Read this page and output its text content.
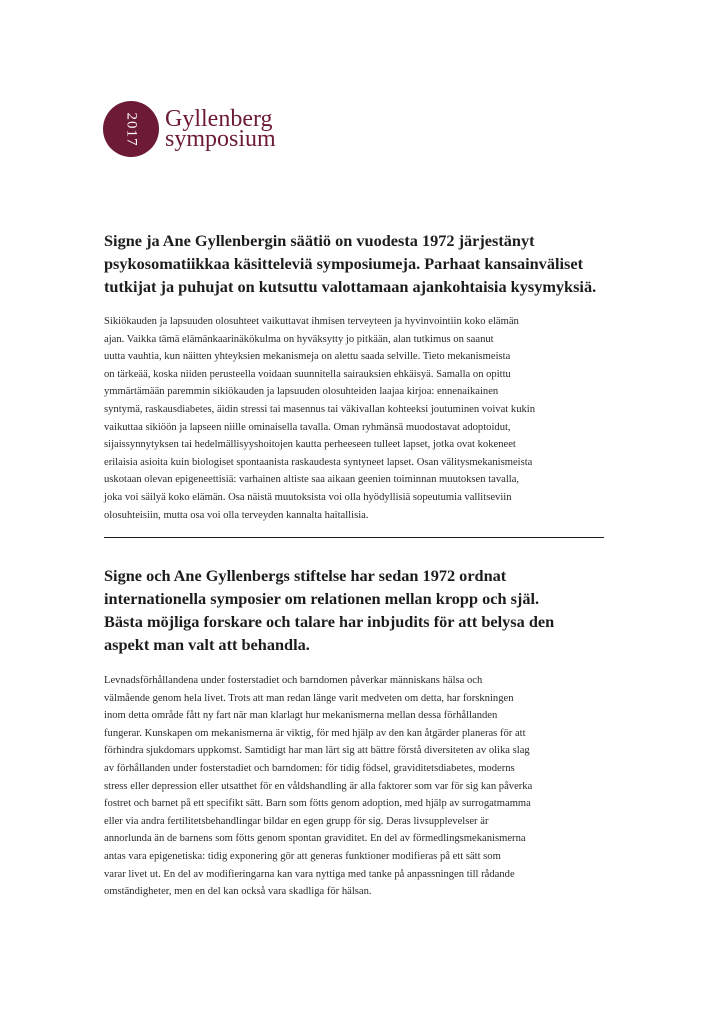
2017 Gyllenberg
symposium
Signe ja Ane Gyllenbergin säätiö on vuodesta 1972 järjestänyt
psykosomatiikkaa käsitteleviä symposiumeja. Parhaat kansainväliset
tutkijat ja puhujat on kutsuttu valottamaan ajankohtaisia kysymyksiä.

Sikiökauden ja lapsuuden olosuhteet vaikuttavat ihmisen terveyteen ja hyvinvointiin koko elämän
ajan. Vaikka tämä elämänkaarinäkökulma on hyväksytty jo pitkään, alan tutkimus on saanut
uutta vauhtia, kun näitten yhteyksien mekanismeja on alettu saada selville. Tieto mekanismeista
on tärkeää, koska niiden perusteella voidaan suunnitella sairauksien ehkäisyä. Samalla on opittu
ymmärtämään paremmin sikiökauden ja lapsuuden olosuhteiden laajaa kirjoa: ennenaikainen
syntymä, raskausdiabetes, äidin stressi tai masennus tai väkivallan kohteeksi joutuminen voivat kukin
vaikuttaa sikiöön ja lapseen niille ominaisella tavalla. Oman ryhmänsä muodostavat adoptoidut,
sijaissynnytyksen tai hedelmällisyyshoitojen kautta perheeseen tulleet lapset, jotka ovat kokeneet
erilaisia asioita kuin biologiset spontaanista raskaudesta syntyneet lapset. Osan välitysmekanismeista
uskotaan olevan epigeneettisiä: varhainen altiste saa aikaan geenien toiminnan muutoksen tavalla,
joka voi säilyä koko elämän. Osa näistä muutoksista voi olla hyödyllisiä sopeutumia vallitseviin
olosuhteisiin, mutta osa voi olla terveyden kannalta haitallisia.

Signe och Ane Gyllenbergs stiftelse har sedan 1972 ordnat
internationella symposier om relationen mellan kropp och själ.
Bästa möjliga forskare och talare har inbjudits för att belysa den
aspekt man valt att behandla.

Levnadsförhållandena under fosterstadiet och barndomen påverkar människans hälsa och
välmående genom hela livet. Trots att man redan länge varit medveten om detta, har forskningen
inom detta område fått ny fart när man klarlagt hur mekanismerna mellan dessa förhållanden
fungerar. Kunskapen om mekanismerna är viktig, för med hjälp av den kan åtgärder planeras för att
förhindra sjukdomars uppkomst. Samtidigt har man lärt sig att bättre förstå diversiteten av olika slag
av förhållanden under fosterstadiet och barndomen: för tidig födsel, graviditetsdiabetes, moderns
stress eller depression eller utsatthet för en våldshandling är alla faktorer som var för sig kan påverka
fostret och barnet på ett specifikt sätt. Barn som fötts genom adoption, med hjälp av surrogatmamma
eller via andra fertilitetsbehandlingar bildar en egen grupp för sig. Deras livsupplevelser är
annorlunda än de barnens som fötts genom spontan graviditet. En del av förmedlingsmekanismerna
antas vara epigenetiska: tidig exponering gör att generas funktioner modifieras på ett sätt som
varar livet ut. En del av modifieringarna kan vara nyttiga med tanke på anpassningen till rådande
omständigheter, men en del kan också vara skadliga för hälsan.
